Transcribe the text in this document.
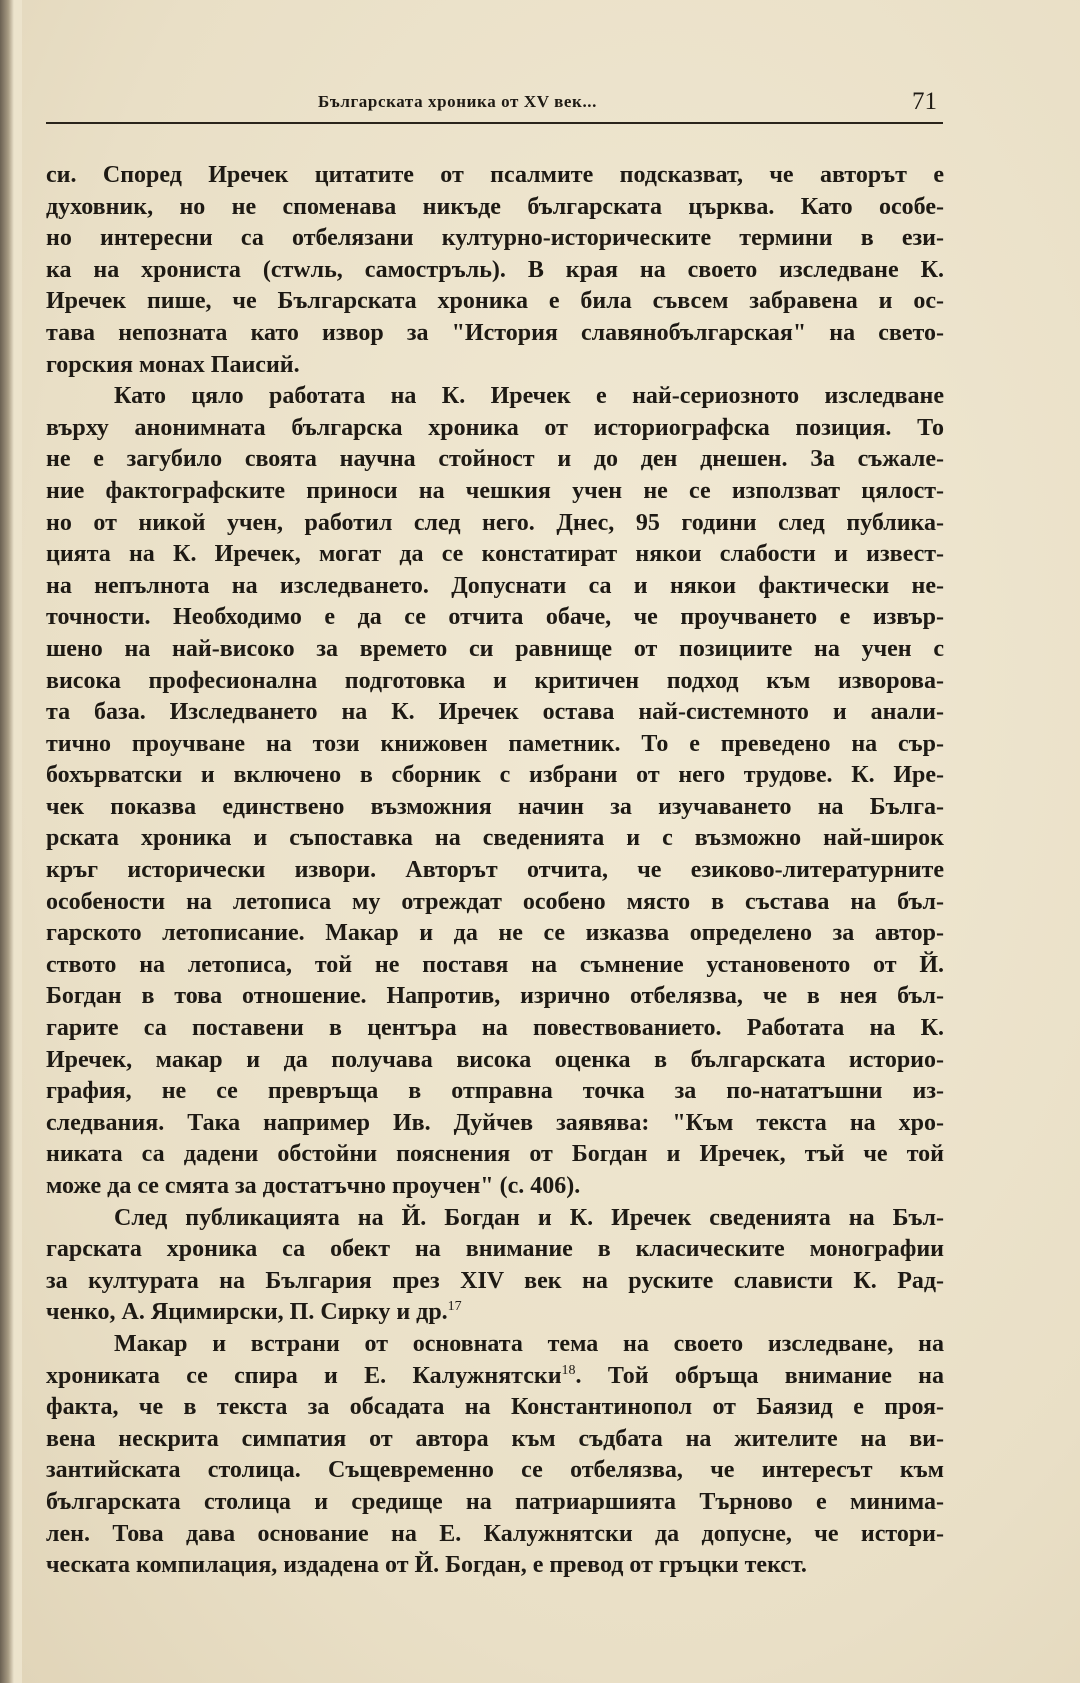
Българската хроника от XV век...	71
си. Според Иречек цитатите от псалмите подсказват, че авторът е
духовник, но не споменава никъде българската църква. Като особе-
но интересни са отбелязани културно-историческите термини в ези-
ка на хрониста (стwль, самостръль). В края на своето изследване К.
Иречек пише, че Българската хроника е била съвсем забравена и ос-
тава непозната като извор за "История славянобългарская" на свето-
горския монах Паисий.
Като цяло работата на К. Иречек е най-сериозното изследване
върху анонимната българска хроника от историографска позиция. То
не е загубило своята научна стойност и до ден днешен. За съжале-
ние фактографските приноси на чешкия учен не се използват цялост-
но от никой учен, работил след него. Днес, 95 години след публика-
цията на К. Иречек, могат да се констатират някои слабости и извест-
на непълнота на изследването. Допуснати са и някои фактически не-
точности. Необходимо е да се отчита обаче, че проучването е извър-
шено на най-високо за времето си равнище от позициите на учен с
висока професионална подготовка и критичен подход към изворова-
та база. Изследването на К. Иречек остава най-системното и анали-
тично проучване на този книжовен паметник. То е преведено на сър-
бохърватски и включено в сборник с избрани от него трудове. К. Ире-
чек показва единствено възможния начин за изучаването на Бълга-
рската хроника и съпоставка на сведенията и с възможно най-широк
кръг исторически извори. Авторът отчита, че езиково-литературните
особености на летописа му отреждат особено място в състава на бъл-
гарското летописание. Макар и да не се изказва определено за автор-
ството на летописа, той не поставя на съмнение установеното от Й.
Богдан в това отношение. Напротив, изрично отбелязва, че в нея бъл-
гарите са поставени в центъра на повествованието. Работата на К.
Иречек, макар и да получава висока оценка в българската историо-
графия, не се превръща в отправна точка за по-нататъшни из-
следвания. Така например Ив. Дуйчев заявява: "Към текста на хро-
никата са дадени обстойни пояснения от Богдан и Иречек, тъй че той
може да се смята за достатъчно проучен" (с. 406).
След публикацията на Й. Богдан и К. Иречек сведенията на Бъл-
гарската хроника са обект на внимание в класическите монографии
за културата на България през XIV век на руските слависти К. Рад-
ченко, А. Яцимирски, П. Сирку и др.$^{17}$
Макар и встрани от основната тема на своето изследване, на
хрониката се спира и Е. Калужнятски$^{18}$. Той обръща внимание на
факта, че в текста за обсадата на Константинопол от Баязид е проя-
вена нескрита симпатия от автора към съдбата на жителите на ви-
зантийската столица. Същевременно се отбелязва, че интересът към
българската столица и средище на патриаршията Търново е минима-
лен. Това дава основание на Е. Калужнятски да допусне, че истори-
ческата компилация, издадена от Й. Богдан, е превод от гръцки текст.
